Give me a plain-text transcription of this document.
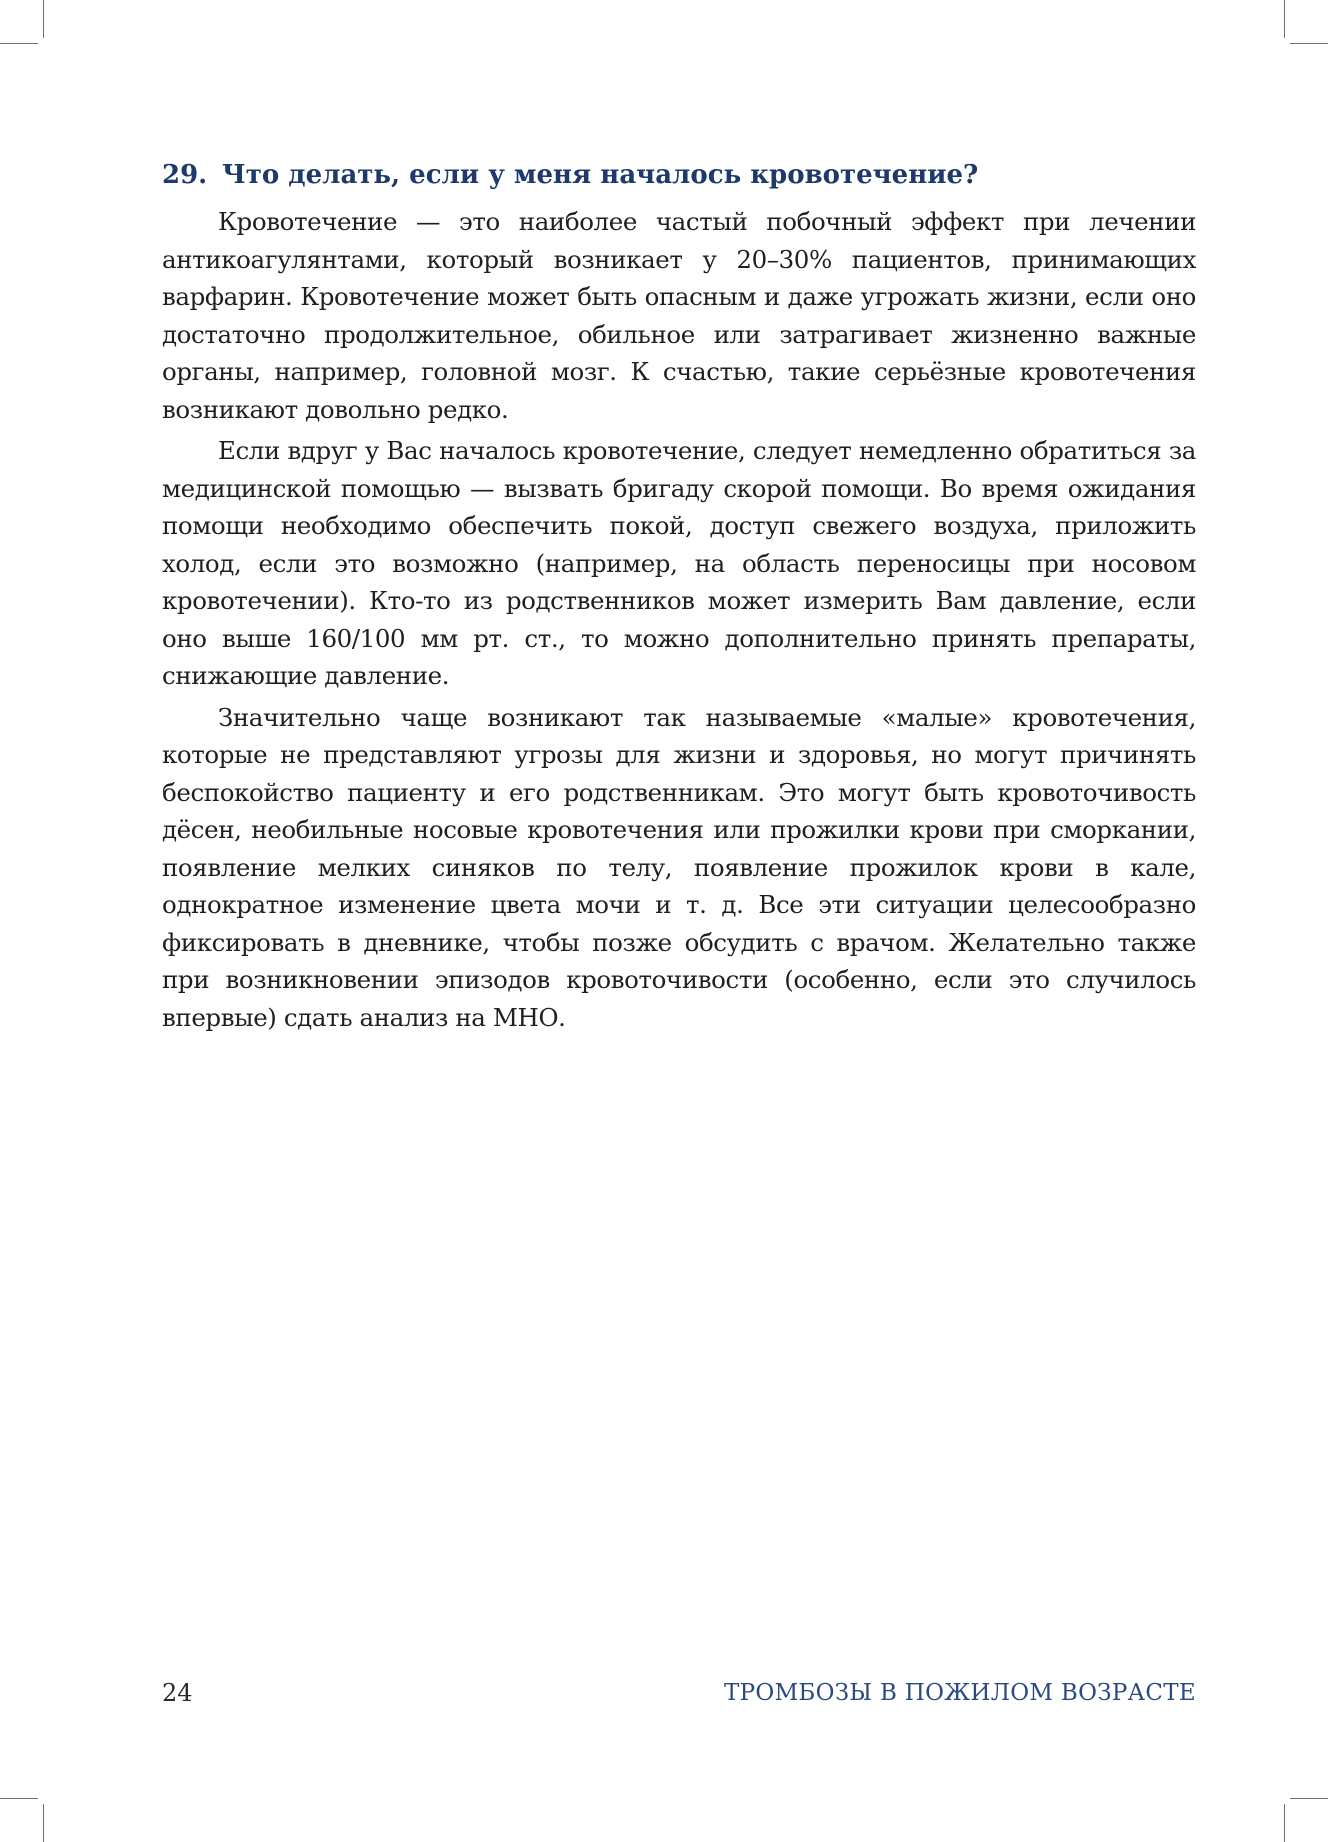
29. Что делать, если у меня началось кровотечение?

Кровотечение — это наиболее частый побочный эффект при лечении антикоагулянтами, который возникает у 20–30% пациентов, принимающих варфарин. Кровотечение может быть опасным и даже угрожать жизни, если оно достаточно продолжительное, обильное или затрагивает жизненно важные органы, например, головной мозг. К счастью, такие серьёзные кровотечения возникают довольно редко.

Если вдруг у Вас началось кровотечение, следует немедленно обратиться за медицинской помощью — вызвать бригаду скорой помощи. Во время ожидания помощи необходимо обеспечить покой, доступ свежего воздуха, приложить холод, если это возможно (например, на область переносицы при носовом кровотечении). Кто-то из родственников может измерить Вам давление, если оно выше 160/100 мм рт. ст., то можно дополнительно принять препараты, снижающие давление.

Значительно чаще возникают так называемые «малые» кровотечения, которые не представляют угрозы для жизни и здоровья, но могут причинять беспокойство пациенту и его родственникам. Это могут быть кровоточивость дёсен, необильные носовые кровотечения или прожилки крови при сморкании, появление мелких синяков по телу, появление прожилок крови в кале, однократное изменение цвета мочи и т. д. Все эти ситуации целесообразно фиксировать в дневнике, чтобы позже обсудить с врачом. Желательно также при возникновении эпизодов кровоточивости (особенно, если это случилось впервые) сдать анализ на МНО.

24	ТРОМБОЗЫ В ПОЖИЛОМ ВОЗРАСТЕ
